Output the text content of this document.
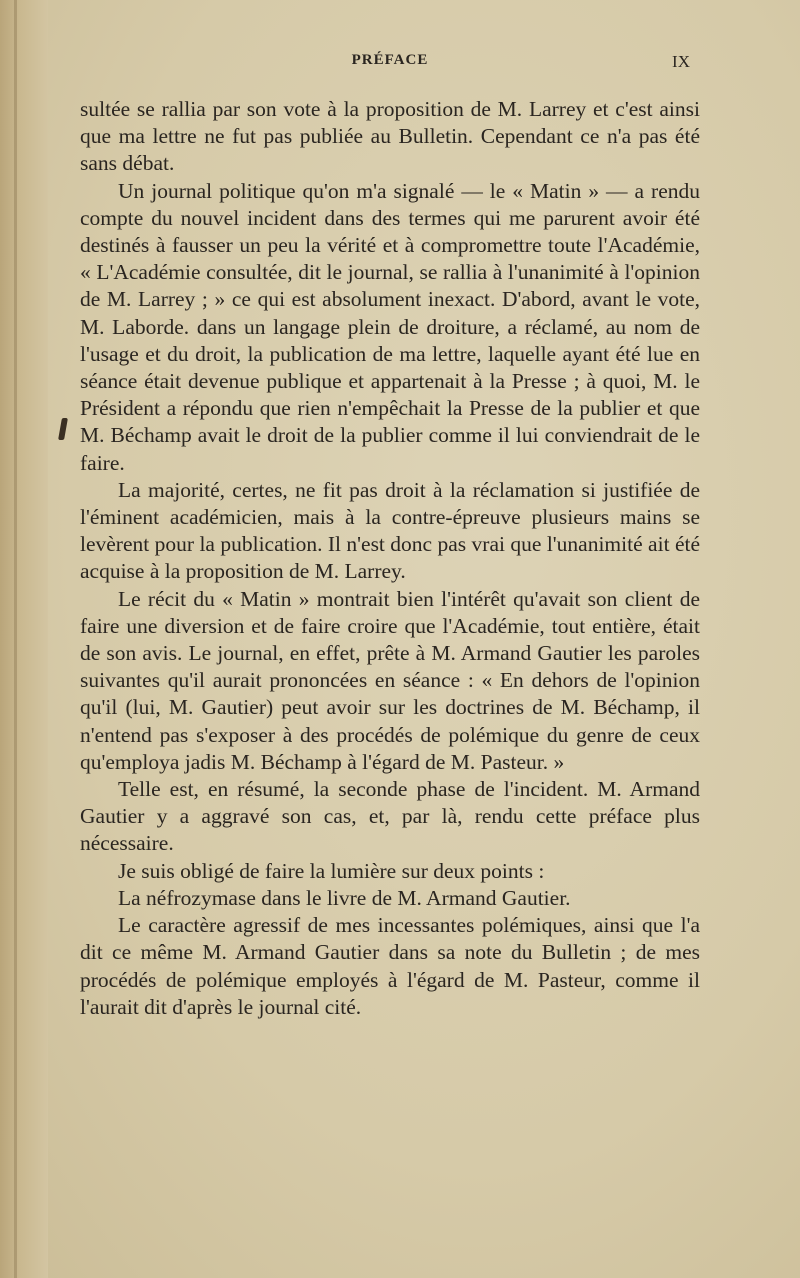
PRÉFACE	IX

sultée se rallia par son vote à la proposition de M. Larrey et c'est ainsi que ma lettre ne fut pas publiée au Bulletin. Cependant ce n'a pas été sans débat.

Un journal politique qu'on m'a signalé — le « Matin » — a rendu compte du nouvel incident dans des termes qui me parurent avoir été destinés à fausser un peu la vérité et à compromettre toute l'Académie, « L'Académie consultée, dit le journal, se rallia à l'unanimité à l'opinion de M. Larrey ; » ce qui est absolument inexact. D'abord, avant le vote, M. Laborde. dans un langage plein de droiture, a réclamé, au nom de l'usage et du droit, la publication de ma lettre, laquelle ayant été lue en séance était devenue publique et appartenait à la Presse ; à quoi, M. le Président a répondu que rien n'empêchait la Presse de la publier et que M. Béchamp avait le droit de la publier comme il lui conviendrait de le faire.

La majorité, certes, ne fit pas droit à la réclamation si justifiée de l'éminent académicien, mais à la contre-épreuve plusieurs mains se levèrent pour la publication. Il n'est donc pas vrai que l'unanimité ait été acquise à la proposition de M. Larrey.

Le récit du « Matin » montrait bien l'intérêt qu'avait son client de faire une diversion et de faire croire que l'Académie, tout entière, était de son avis. Le journal, en effet, prête à M. Armand Gautier les paroles suivantes qu'il aurait prononcées en séance : « En dehors de l'opinion qu'il (lui, M. Gautier) peut avoir sur les doctrines de M. Béchamp, il n'entend pas s'exposer à des procédés de polémique du genre de ceux qu'employa jadis M. Béchamp à l'égard de M. Pasteur. »

Telle est, en résumé, la seconde phase de l'incident. M. Armand Gautier y a aggravé son cas, et, par là, rendu cette préface plus nécessaire.

Je suis obligé de faire la lumière sur deux points :

La néfrozymase dans le livre de M. Armand Gautier.

Le caractère agressif de mes incessantes polémiques, ainsi que l'a dit ce même M. Armand Gautier dans sa note du Bulletin ; de mes procédés de polémique employés à l'égard de M. Pasteur, comme il l'aurait dit d'après le journal cité.
